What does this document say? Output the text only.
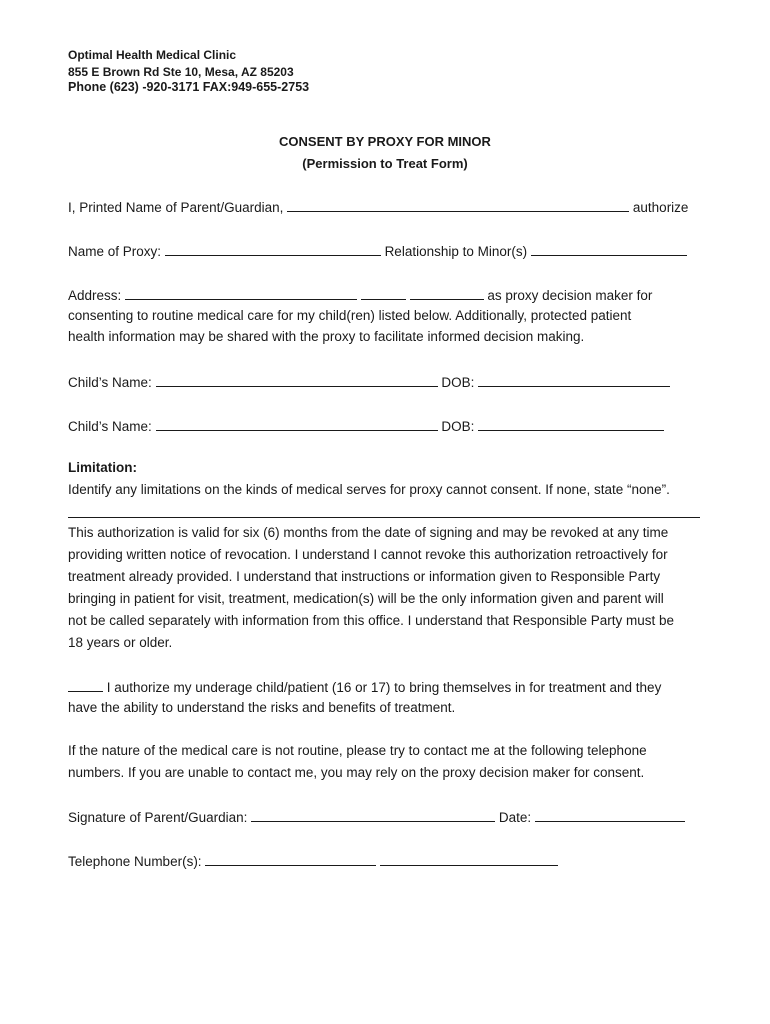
Optimal Health Medical Clinic
855 E Brown Rd Ste 10, Mesa, AZ 85203
Phone (623) -920-3171 FAX:949-655-2753
CONSENT BY PROXY FOR MINOR
(Permission to Treat Form)
I, Printed Name of Parent/Guardian,	authorize
Name of Proxy:	Relationship to Minor(s)
Address:	as proxy decision maker for
consenting to routine medical care for my child(ren) listed below. Additionally, protected patient
health information may be shared with the proxy to facilitate informed decision making.
Child’s Name:	DOB:
Child’s Name:	DOB:
Limitation:
Identify any limitations on the kinds of medical serves for proxy cannot consent. If none, state “none”.
This authorization is valid for six (6) months from the date of signing and may be revoked at any time
providing written notice of revocation. I understand I cannot revoke this authorization retroactively for
treatment already provided. I understand that instructions or information given to Responsible Party
bringing in patient for visit, treatment, medication(s) will be the only information given and parent will
not be called separately with information from this office. I understand that Responsible Party must be
18 years or older.
I authorize my underage child/patient (16 or 17) to bring themselves in for treatment and they
have the ability to understand the risks and benefits of treatment.
If the nature of the medical care is not routine, please try to contact me at the following telephone
numbers. If you are unable to contact me, you may rely on the proxy decision maker for consent.
Signature of Parent/Guardian:	Date:
Telephone Number(s):
